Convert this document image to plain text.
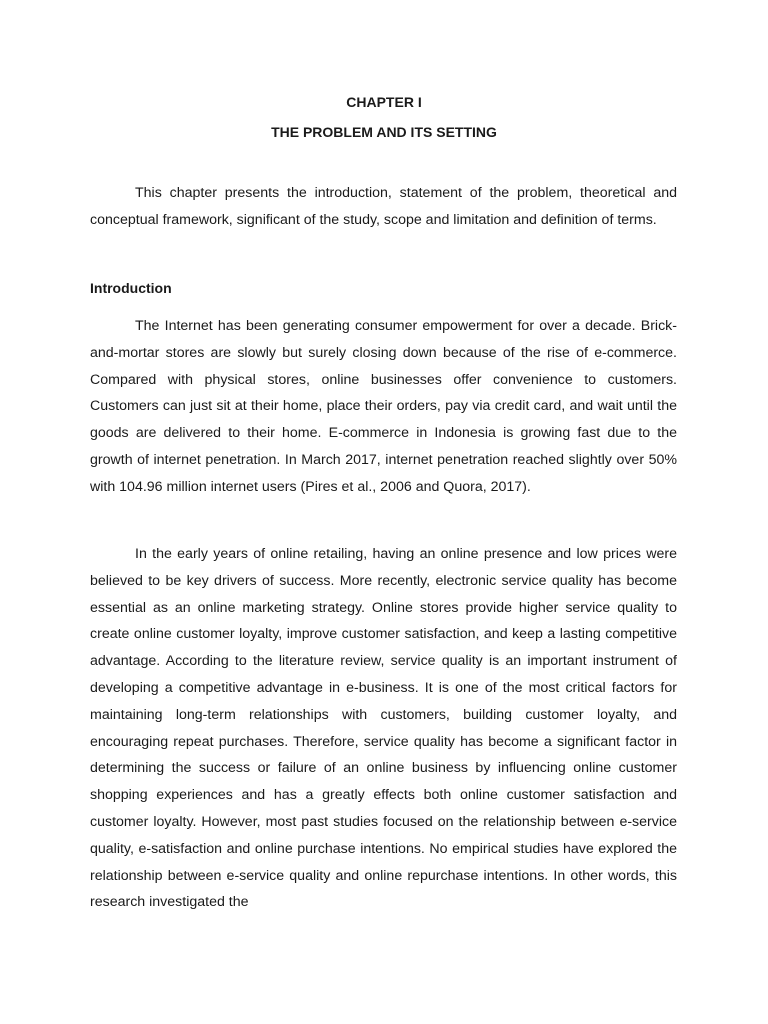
CHAPTER I
THE PROBLEM AND ITS SETTING

This chapter presents the introduction, statement of the problem, theoretical and conceptual framework, significant of the study, scope and limitation and definition of terms.

Introduction

The Internet has been generating consumer empowerment for over a decade. Brick-and-mortar stores are slowly but surely closing down because of the rise of e-commerce. Compared with physical stores, online businesses offer convenience to customers. Customers can just sit at their home, place their orders, pay via credit card, and wait until the goods are delivered to their home. E-commerce in Indonesia is growing fast due to the growth of internet penetration. In March 2017, internet penetration reached slightly over 50% with 104.96 million internet users (Pires et al., 2006 and Quora, 2017).

In the early years of online retailing, having an online presence and low prices were believed to be key drivers of success. More recently, electronic service quality has become essential as an online marketing strategy. Online stores provide higher service quality to create online customer loyalty, improve customer satisfaction, and keep a lasting competitive advantage. According to the literature review, service quality is an important instrument of developing a competitive advantage in e-business. It is one of the most critical factors for maintaining long-term relationships with customers, building customer loyalty, and encouraging repeat purchases. Therefore, service quality has become a significant factor in determining the success or failure of an online business by influencing online customer shopping experiences and has a greatly effects both online customer satisfaction and customer loyalty. However, most past studies focused on the relationship between e-service quality, e-satisfaction and online purchase intentions. No empirical studies have explored the relationship between e-service quality and online repurchase intentions. In other words, this research investigated the
